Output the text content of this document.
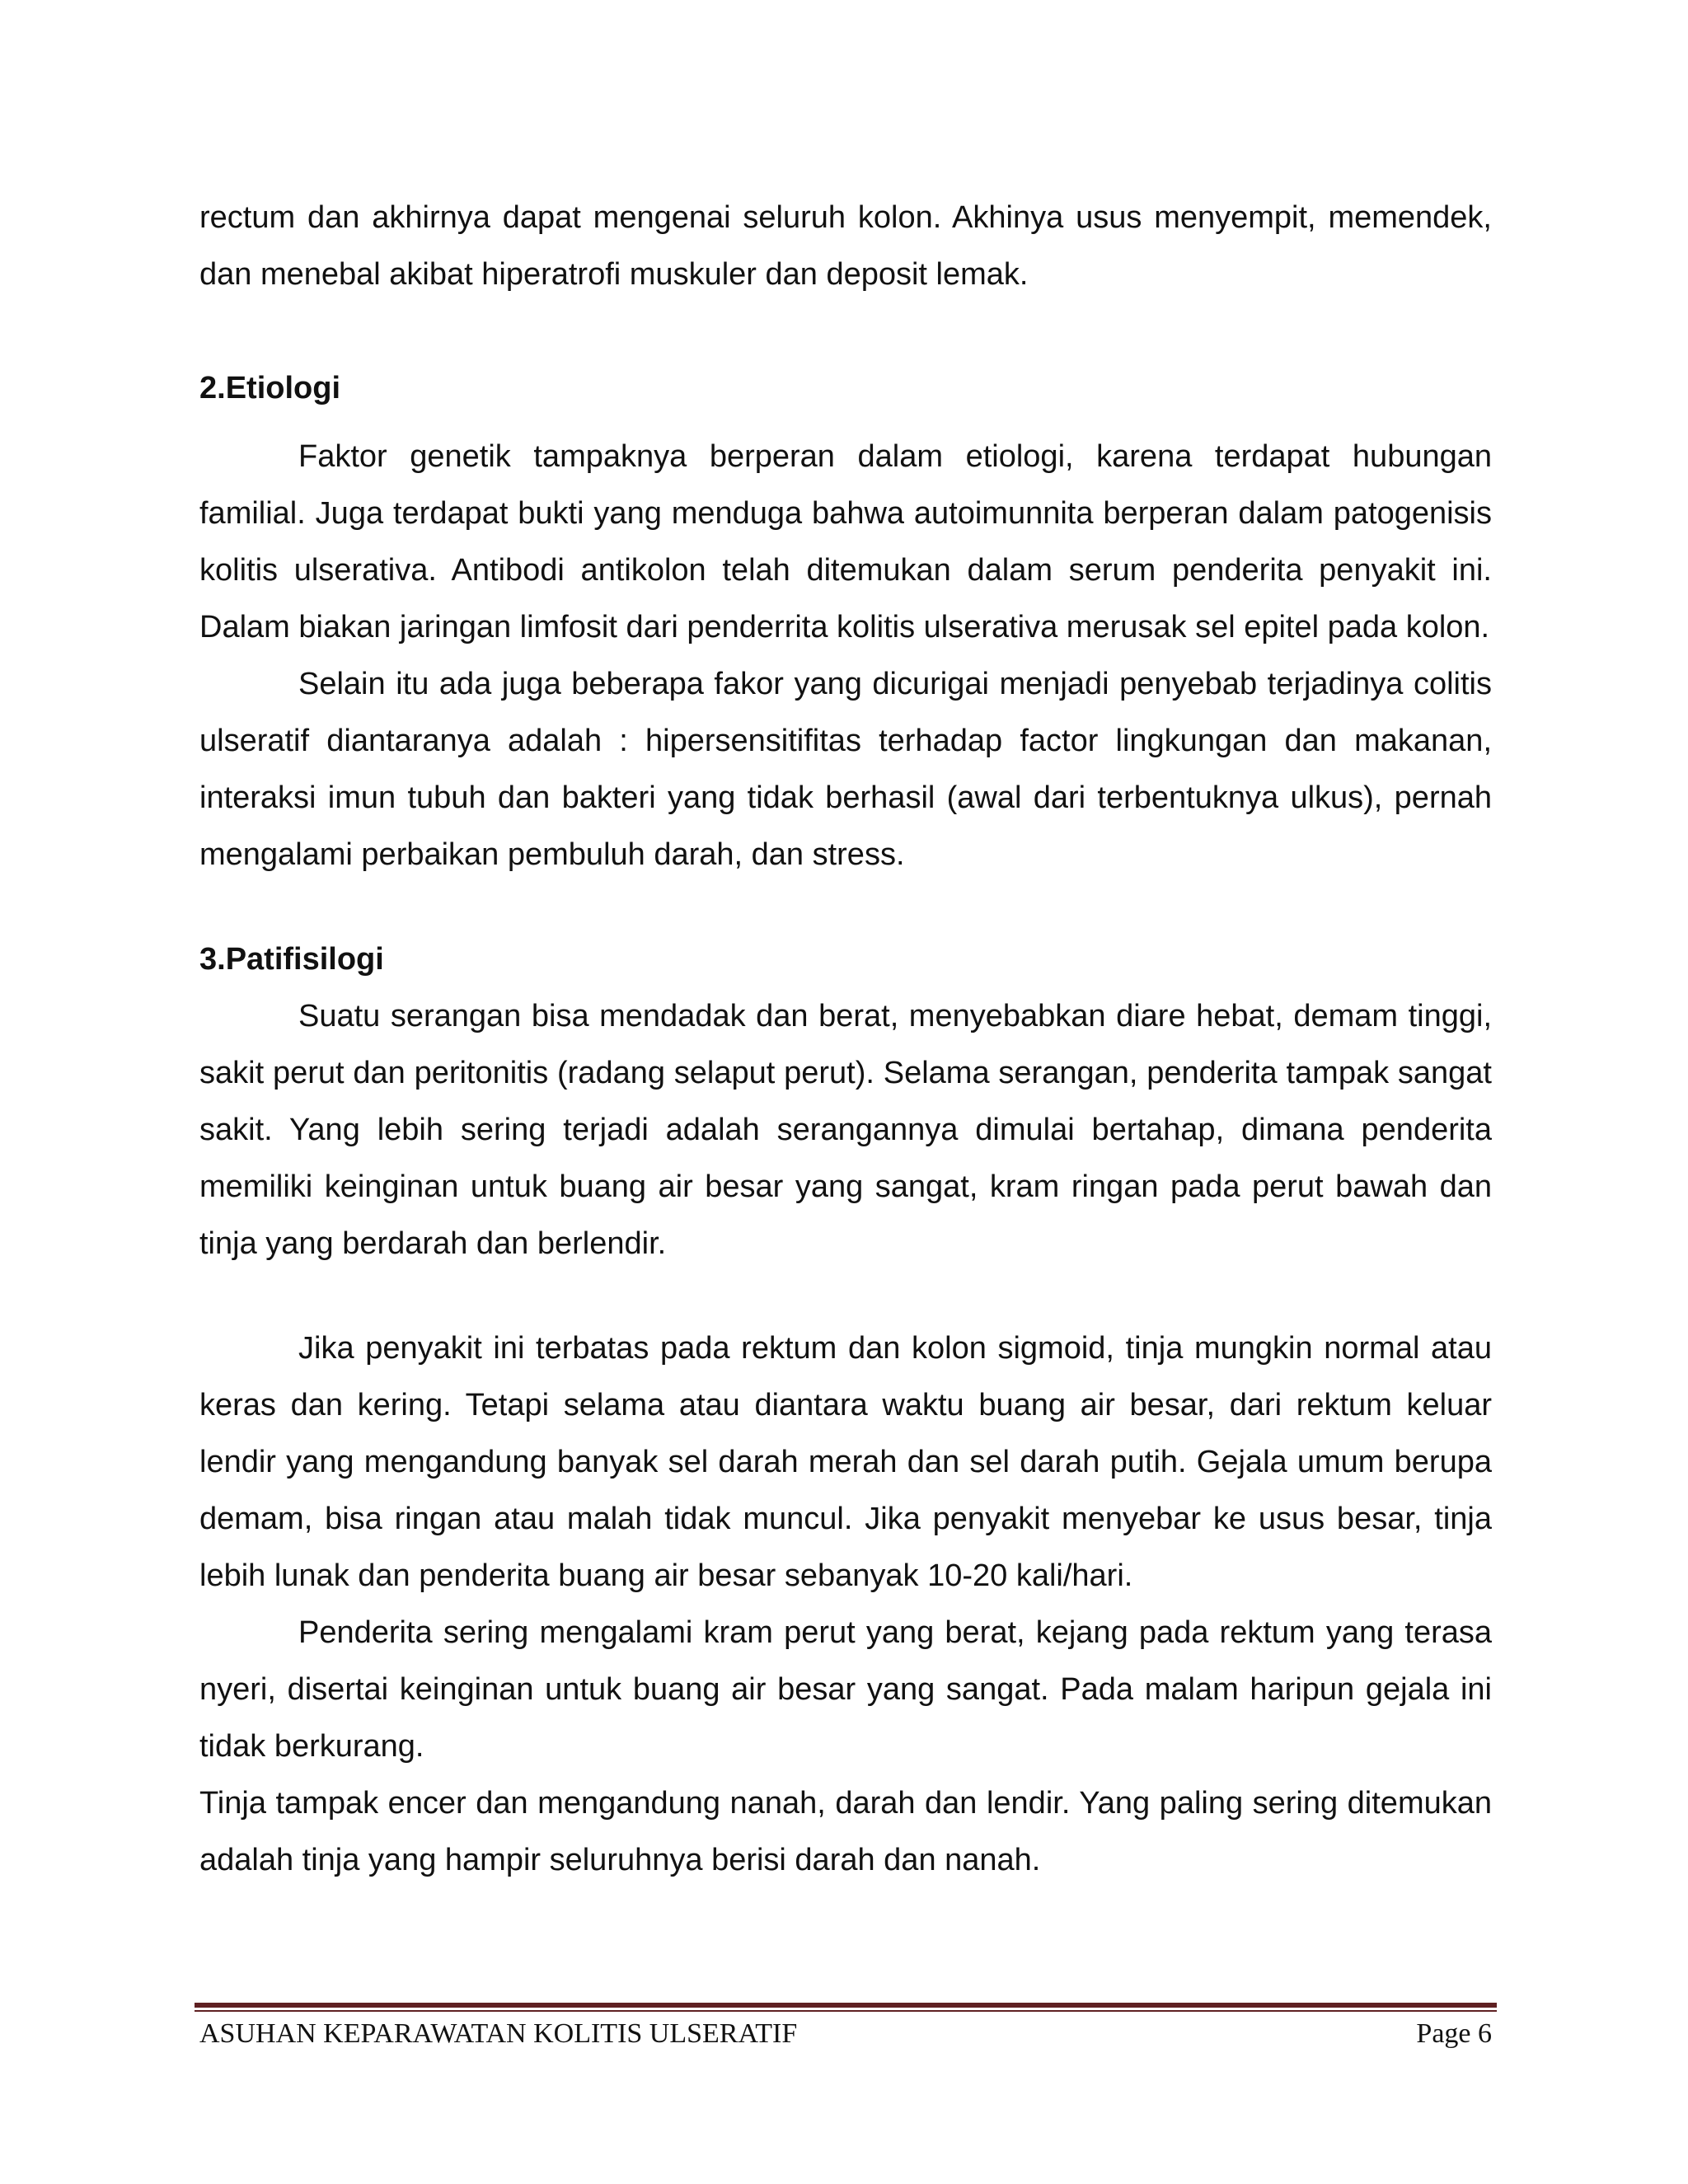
rectum dan akhirnya dapat mengenai seluruh kolon. Akhinya usus menyempit, memendek, dan menebal akibat hiperatrofi muskuler dan deposit lemak.

2.Etiologi

Faktor genetik tampaknya berperan dalam etiologi, karena terdapat hubungan familial. Juga terdapat bukti yang menduga bahwa autoimunnita berperan dalam patogenisis kolitis ulserativa. Antibodi antikolon telah ditemukan dalam serum penderita penyakit ini. Dalam biakan jaringan limfosit dari penderrita kolitis ulserativa merusak sel epitel pada kolon.

Selain itu ada juga beberapa fakor yang dicurigai menjadi penyebab terjadinya colitis ulseratif diantaranya adalah : hipersensitifitas terhadap factor lingkungan dan makanan, interaksi imun tubuh dan bakteri yang tidak berhasil (awal dari terbentuknya ulkus), pernah mengalami perbaikan pembuluh darah, dan stress.

3.Patifisilogi

Suatu serangan bisa mendadak dan berat, menyebabkan diare hebat, demam tinggi, sakit perut dan peritonitis (radang selaput perut). Selama serangan, penderita tampak sangat sakit. Yang lebih sering terjadi adalah serangannya dimulai bertahap, dimana penderita memiliki keinginan untuk buang air besar yang sangat, kram ringan pada perut bawah dan tinja yang berdarah dan berlendir.

Jika penyakit ini terbatas pada rektum dan kolon sigmoid, tinja mungkin normal atau keras dan kering. Tetapi selama atau diantara waktu buang air besar, dari rektum keluar lendir yang mengandung banyak sel darah merah dan sel darah putih. Gejala umum berupa demam, bisa ringan atau malah tidak muncul. Jika penyakit menyebar ke usus besar, tinja lebih lunak dan penderita buang air besar sebanyak 10-20 kali/hari.

Penderita sering mengalami kram perut yang berat, kejang pada rektum yang terasa nyeri, disertai keinginan untuk buang air besar yang sangat. Pada malam haripun gejala ini tidak berkurang.

Tinja tampak encer dan mengandung nanah, darah dan lendir. Yang paling sering ditemukan adalah tinja yang hampir seluruhnya berisi darah dan nanah.

ASUHAN KEPARAWATAN KOLITIS ULSERATIF	Page 6
